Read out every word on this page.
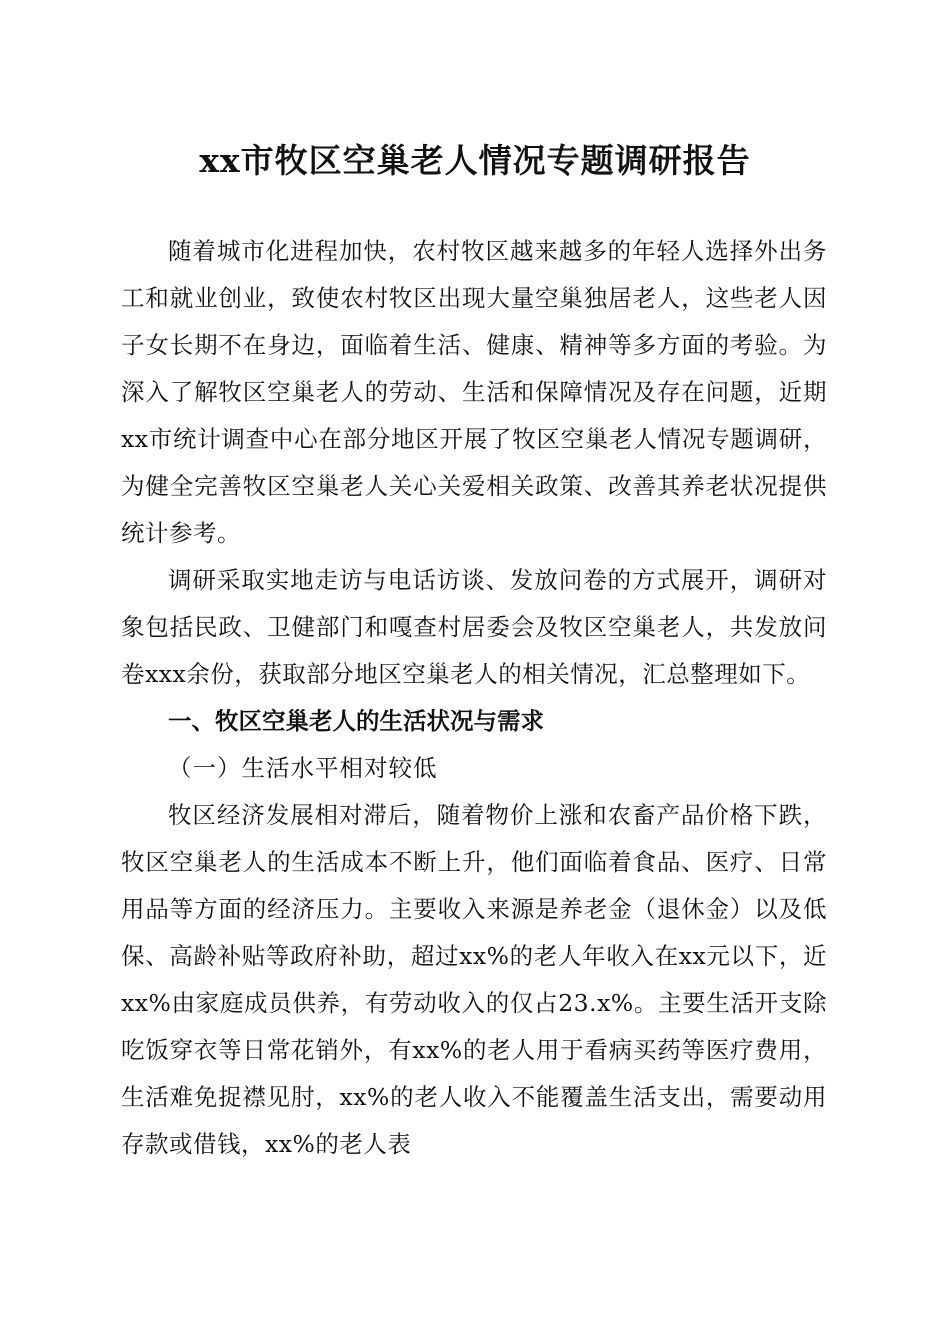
xx市牧区空巢老人情况专题调研报告

随着城市化进程加快，农村牧区越来越多的年轻人选择外出务工和就业创业，致使农村牧区出现大量空巢独居老人，这些老人因子女长期不在身边，面临着生活、健康、精神等多方面的考验。为深入了解牧区空巢老人的劳动、生活和保障情况及存在问题，近期xx市统计调查中心在部分地区开展了牧区空巢老人情况专题调研，为健全完善牧区空巢老人关心关爱相关政策、改善其养老状况提供统计参考。

调研采取实地走访与电话访谈、发放问卷的方式展开，调研对象包括民政、卫健部门和嘎查村居委会及牧区空巢老人，共发放问卷xxx余份，获取部分地区空巢老人的相关情况，汇总整理如下。

一、牧区空巢老人的生活状况与需求

（一）生活水平相对较低

牧区经济发展相对滞后，随着物价上涨和农畜产品价格下跌，牧区空巢老人的生活成本不断上升，他们面临着食品、医疗、日常用品等方面的经济压力。主要收入来源是养老金（退休金）以及低保、高龄补贴等政府补助，超过xx%的老人年收入在xx元以下，近xx%由家庭成员供养，有劳动收入的仅占23.x%。主要生活开支除吃饭穿衣等日常花销外，有xx%的老人用于看病买药等医疗费用，生活难免捉襟见肘，xx%的老人收入不能覆盖生活支出，需要动用存款或借钱，xx%的老人表
